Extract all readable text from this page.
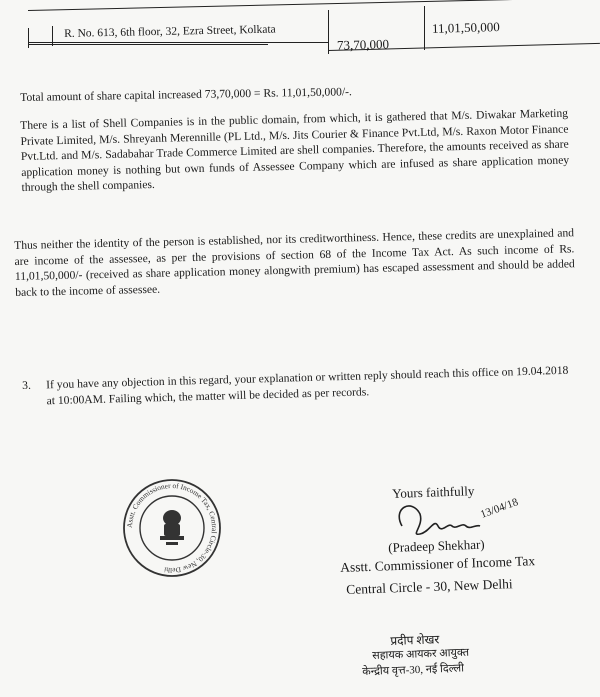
R. No. 613, 6th floor, 32, Ezra Street, Kolkata
73,70,000
11,01,50,000
Total amount of share capital increased 73,70,000 = Rs. 11,01,50,000/-.
There is a list of Shell Companies is in the public domain, from which, it is gathered that M/s. Diwakar Marketing Private Limited, M/s. Shreyanh Merennille (PL Ltd., M/s. Jits Courier & Finance Pvt.Ltd, M/s. Raxon Motor Finance Pvt.Ltd. and M/s. Sadabahar Trade Commerce Limited are shell companies. Therefore, the amounts received as share application money is nothing but own funds of Assessee Company which are infused as share application money through the shell companies.
Thus neither the identity of the person is established, nor its creditworthiness. Hence, these credits are unexplained and are income of the assessee, as per the provisions of section 68 of the Income Tax Act. As such income of Rs. 11,01,50,000/- (received as share application money alongwith premium) has escaped assessment and should be added back to the income of assessee.
3. If you have any objection in this regard, your explanation or written reply should reach this office on 19.04.2018 at 10:00AM. Failing which, the matter will be decided as per records.
Asstt. Commissioner of Income Tax, Central Circle-30, New Delhi
Yours faithfully
13/04/18
(Pradeep Shekhar)
Asstt. Commissioner of Income Tax
Central Circle - 30, New Delhi
प्रदीप शेखर
सहायक आयकर आयुक्त
केन्द्रीय वृत्त-30, नई दिल्ली
